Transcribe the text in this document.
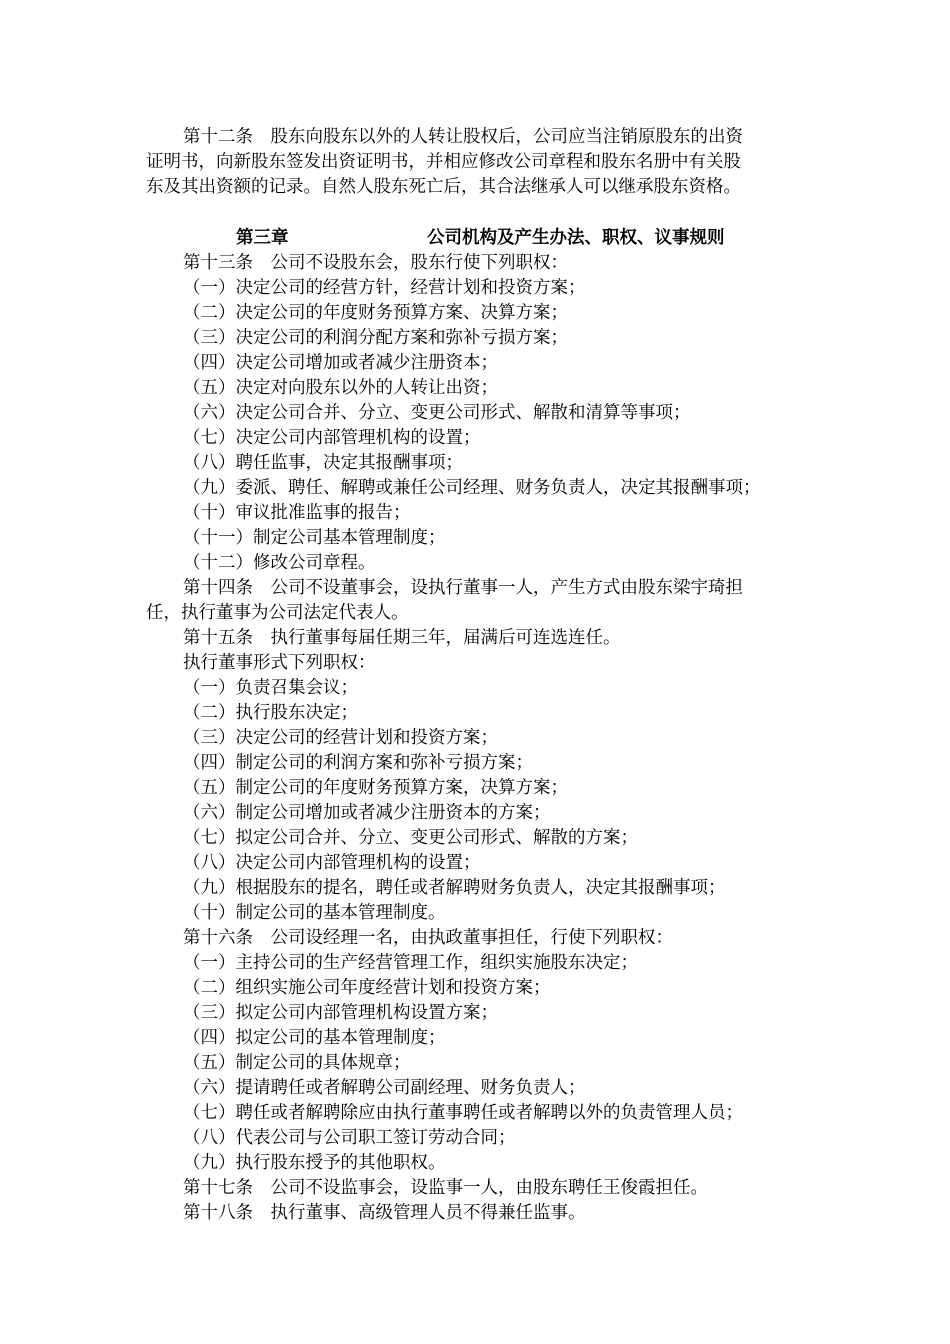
第十二条　股东向股东以外的人转让股权后，公司应当注销原股东的出资
证明书，向新股东签发出资证明书，并相应修改公司章程和股东名册中有关股
东及其出资额的记录。自然人股东死亡后，其合法继承人可以继承股东资格。

第三章	公司机构及产生办法、职权、议事规则
第十三条　公司不设股东会，股东行使下列职权：
（一）决定公司的经营方针，经营计划和投资方案；
（二）决定公司的年度财务预算方案、决算方案；
（三）决定公司的利润分配方案和弥补亏损方案；
（四）决定公司增加或者减少注册资本；
（五）决定对向股东以外的人转让出资；
（六）决定公司合并、分立、变更公司形式、解散和清算等事项；
（七）决定公司内部管理机构的设置；
（八）聘任监事，决定其报酬事项；
（九）委派、聘任、解聘或兼任公司经理、财务负责人，决定其报酬事项；
（十）审议批准监事的报告；
（十一）制定公司基本管理制度；
（十二）修改公司章程。
第十四条　公司不设董事会，设执行董事一人，产生方式由股东梁宇琦担
任，执行董事为公司法定代表人。
第十五条　执行董事每届任期三年，届满后可连选连任。
执行董事形式下列职权：
（一）负责召集会议；
（二）执行股东决定；
（三）决定公司的经营计划和投资方案；
（四）制定公司的利润方案和弥补亏损方案；
（五）制定公司的年度财务预算方案，决算方案；
（六）制定公司增加或者减少注册资本的方案；
（七）拟定公司合并、分立、变更公司形式、解散的方案；
（八）决定公司内部管理机构的设置；
（九）根据股东的提名，聘任或者解聘财务负责人，决定其报酬事项；
（十）制定公司的基本管理制度。
第十六条　公司设经理一名，由执政董事担任，行使下列职权：
（一）主持公司的生产经营管理工作，组织实施股东决定；
（二）组织实施公司年度经营计划和投资方案；
（三）拟定公司内部管理机构设置方案；
（四）拟定公司的基本管理制度；
（五）制定公司的具体规章；
（六）提请聘任或者解聘公司副经理、财务负责人；
（七）聘任或者解聘除应由执行董事聘任或者解聘以外的负责管理人员；
（八）代表公司与公司职工签订劳动合同；
（九）执行股东授予的其他职权。
第十七条　公司不设监事会，设监事一人，由股东聘任王俊霞担任。
第十八条　执行董事、高级管理人员不得兼任监事。
